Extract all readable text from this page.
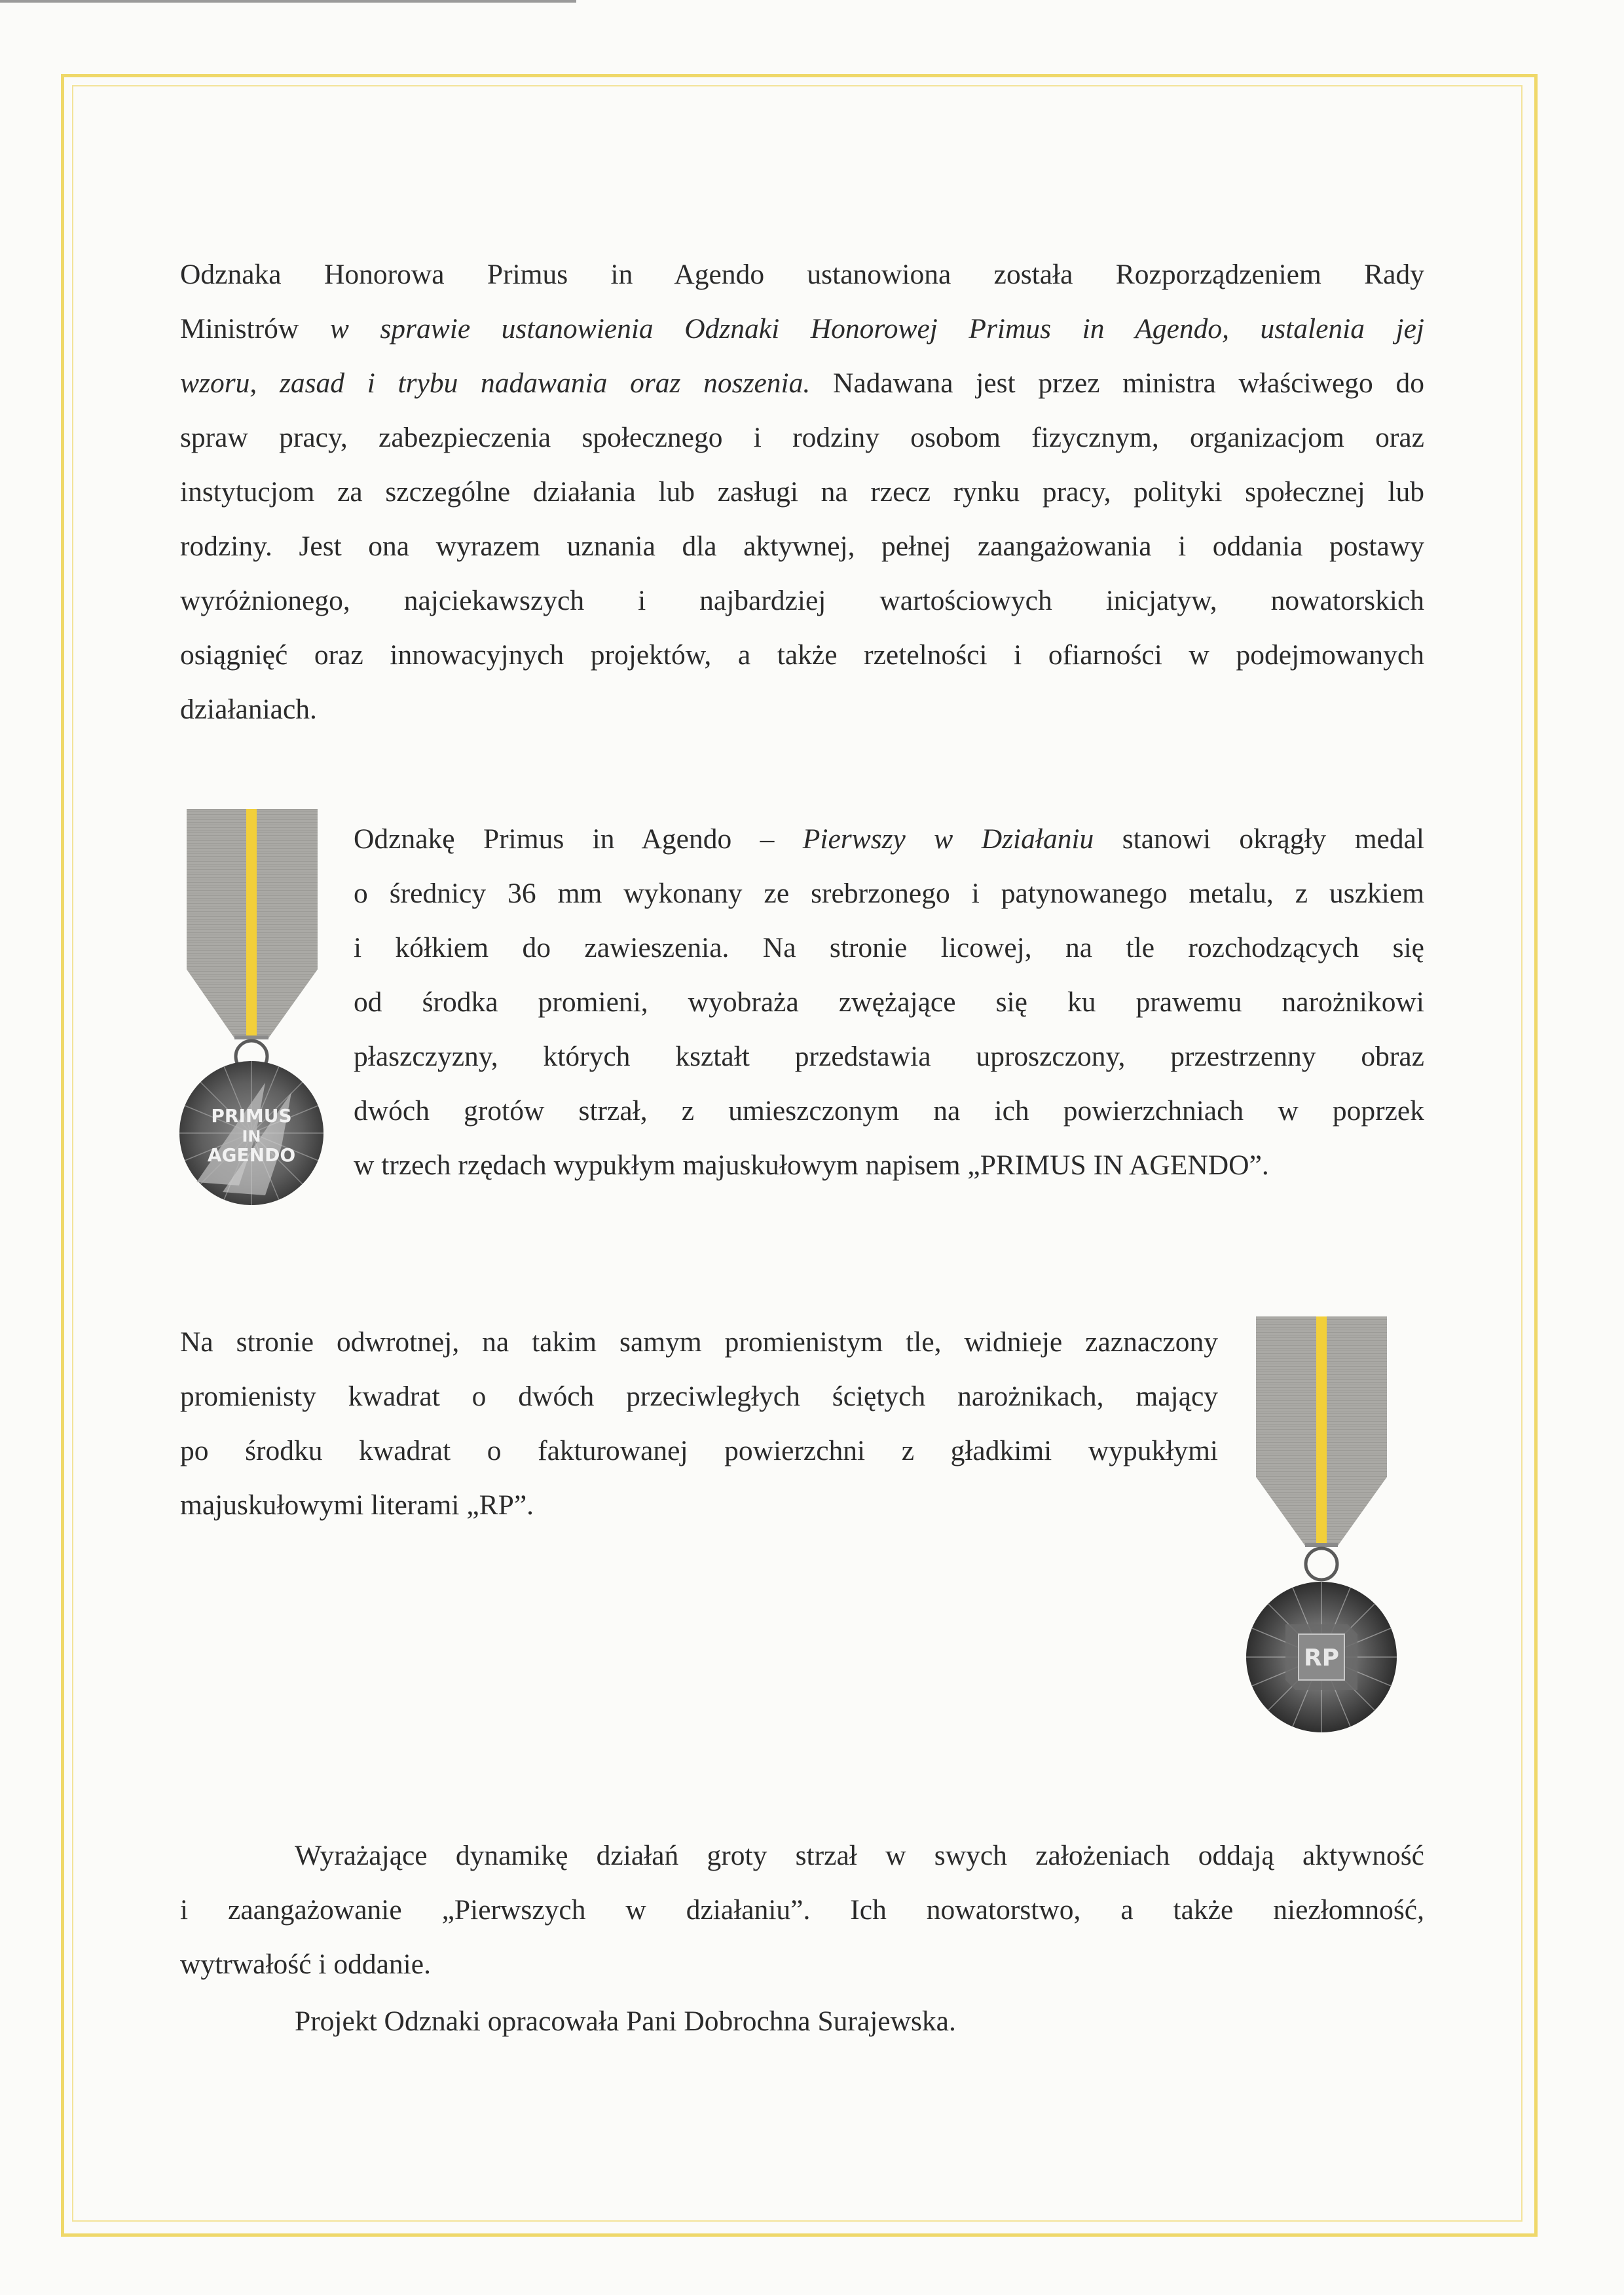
Odznaka Honorowa Primus in Agendo ustanowiona została Rozporządzeniem Rady
Ministrów w sprawie ustanowienia Odznaki Honorowej Primus in Agendo, ustalenia jej
wzoru, zasad i trybu nadawania oraz noszenia. Nadawana jest przez ministra właściwego do
spraw pracy, zabezpieczenia społecznego i rodziny osobom fizycznym, organizacjom oraz
instytucjom za szczególne działania lub zasługi na rzecz rynku pracy, polityki społecznej lub
rodziny. Jest ona wyrazem uznania dla aktywnej, pełnej zaangażowania i oddania postawy
wyróżnionego, najciekawszych i najbardziej wartościowych inicjatyw, nowatorskich
osiągnięć oraz innowacyjnych projektów, a także rzetelności i ofiarności w podejmowanych
działaniach.
PRIMUS
IN
AGENDO
Odznakę Primus in Agendo – Pierwszy w Działaniu stanowi okrągły medal
o średnicy 36 mm wykonany ze srebrzonego i patynowanego metalu, z uszkiem
i kółkiem do zawieszenia. Na stronie licowej, na tle rozchodzących się
od środka promieni, wyobraża zwężające się ku prawemu narożnikowi
płaszczyzny, których kształt przedstawia uproszczony, przestrzenny obraz
dwóch grotów strzał, z umieszczonym na ich powierzchniach w poprzek
w trzech rzędach wypukłym majuskułowym napisem „PRIMUS IN AGENDO”.
Na stronie odwrotnej, na takim samym promienistym tle, widnieje zaznaczony
promienisty kwadrat o dwóch przeciwległych ściętych narożnikach, mający
po środku kwadrat o fakturowanej powierzchni z gładkimi wypukłymi
majuskułowymi literami „RP”.
RP
Wyrażające dynamikę działań groty strzał w swych założeniach oddają aktywność
i zaangażowanie „Pierwszych w działaniu”. Ich nowatorstwo, a także niezłomność,
wytrwałość i oddanie.
Projekt Odznaki opracowała Pani Dobrochna Surajewska.
